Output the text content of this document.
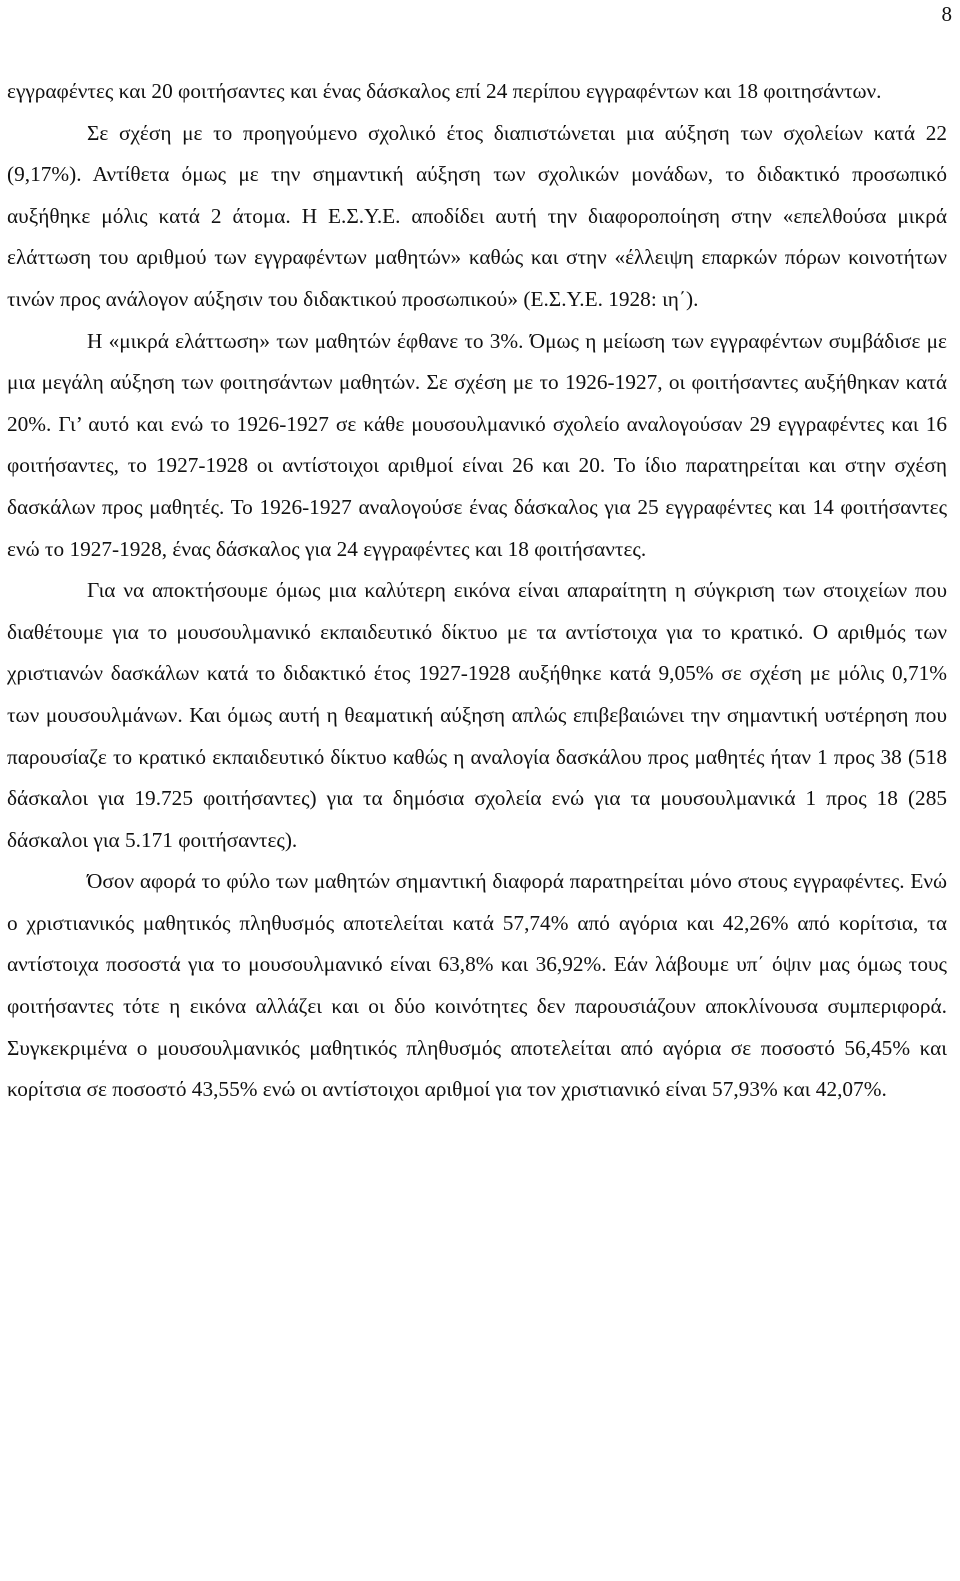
8

εγγραφέντες και 20 φοιτήσαντες και ένας δάσκαλος επί 24 περίπου εγγραφέντων και 18 φοιτησάντων.

Σε σχέση με το προηγούμενο σχολικό έτος διαπιστώνεται μια αύξηση των σχολείων κατά 22 (9,17%). Αντίθετα όμως με την σημαντική αύξηση των σχολικών μονάδων, το διδακτικό προσωπικό αυξήθηκε μόλις κατά 2 άτομα. Η Ε.Σ.Υ.Ε. αποδίδει αυτή την διαφοροποίηση στην «επελθούσα μικρά ελάττωση του αριθμού των εγγραφέντων μαθητών» καθώς και στην «έλλειψη επαρκών πόρων κοινοτήτων τινών προς ανάλογον αύξησιν του διδακτικού προσωπικού» (Ε.Σ.Υ.Ε. 1928: ιη΄).

Η «μικρά ελάττωση» των μαθητών έφθανε το 3%. Όμως η μείωση των εγγραφέντων συμβάδισε με μια μεγάλη αύξηση των φοιτησάντων μαθητών. Σε σχέση με το 1926-1927, οι φοιτήσαντες αυξήθηκαν κατά 20%. Γι’ αυτό και ενώ το 1926-1927 σε κάθε μουσουλμανικό σχολείο αναλογούσαν 29 εγγραφέντες και 16 φοιτήσαντες, το 1927-1928 οι αντίστοιχοι αριθμοί είναι 26 και 20. Το ίδιο παρατηρείται και στην σχέση δασκάλων προς μαθητές. Το 1926-1927 αναλογούσε ένας δάσκαλος για 25 εγγραφέντες και 14 φοιτήσαντες ενώ το 1927-1928, ένας δάσκαλος για 24 εγγραφέντες και 18 φοιτήσαντες.

Για να αποκτήσουμε όμως μια καλύτερη εικόνα είναι απαραίτητη η σύγκριση των στοιχείων που διαθέτουμε για το μουσουλμανικό εκπαιδευτικό δίκτυο με τα αντίστοιχα για το κρατικό. Ο αριθμός των χριστιανών δασκάλων κατά το διδακτικό έτος 1927-1928 αυξήθηκε κατά 9,05% σε σχέση με μόλις 0,71% των μουσουλμάνων. Και όμως αυτή η θεαματική αύξηση απλώς επιβεβαιώνει την σημαντική υστέρηση που παρουσίαζε το κρατικό εκπαιδευτικό δίκτυο καθώς η αναλογία δασκάλου προς μαθητές ήταν 1 προς 38 (518 δάσκαλοι για 19.725 φοιτήσαντες) για τα δημόσια σχολεία ενώ για τα μουσουλμανικά 1 προς 18 (285 δάσκαλοι για 5.171 φοιτήσαντες).

Όσον αφορά το φύλο των μαθητών σημαντική διαφορά παρατηρείται μόνο στους εγγραφέντες. Ενώ ο χριστιανικός μαθητικός πληθυσμός αποτελείται κατά 57,74% από αγόρια και 42,26% από κορίτσια, τα αντίστοιχα ποσοστά για το μουσουλμανικό είναι 63,8% και 36,92%. Εάν λάβουμε υπ΄ όψιν μας όμως τους φοιτήσαντες τότε η εικόνα αλλάζει και οι δύο κοινότητες δεν παρουσιάζουν αποκλίνουσα συμπεριφορά. Συγκεκριμένα ο μουσουλμανικός μαθητικός πληθυσμός αποτελείται από αγόρια σε ποσοστό 56,45% και κορίτσια σε ποσοστό 43,55% ενώ οι αντίστοιχοι αριθμοί για τον χριστιανικό είναι 57,93% και 42,07%.
